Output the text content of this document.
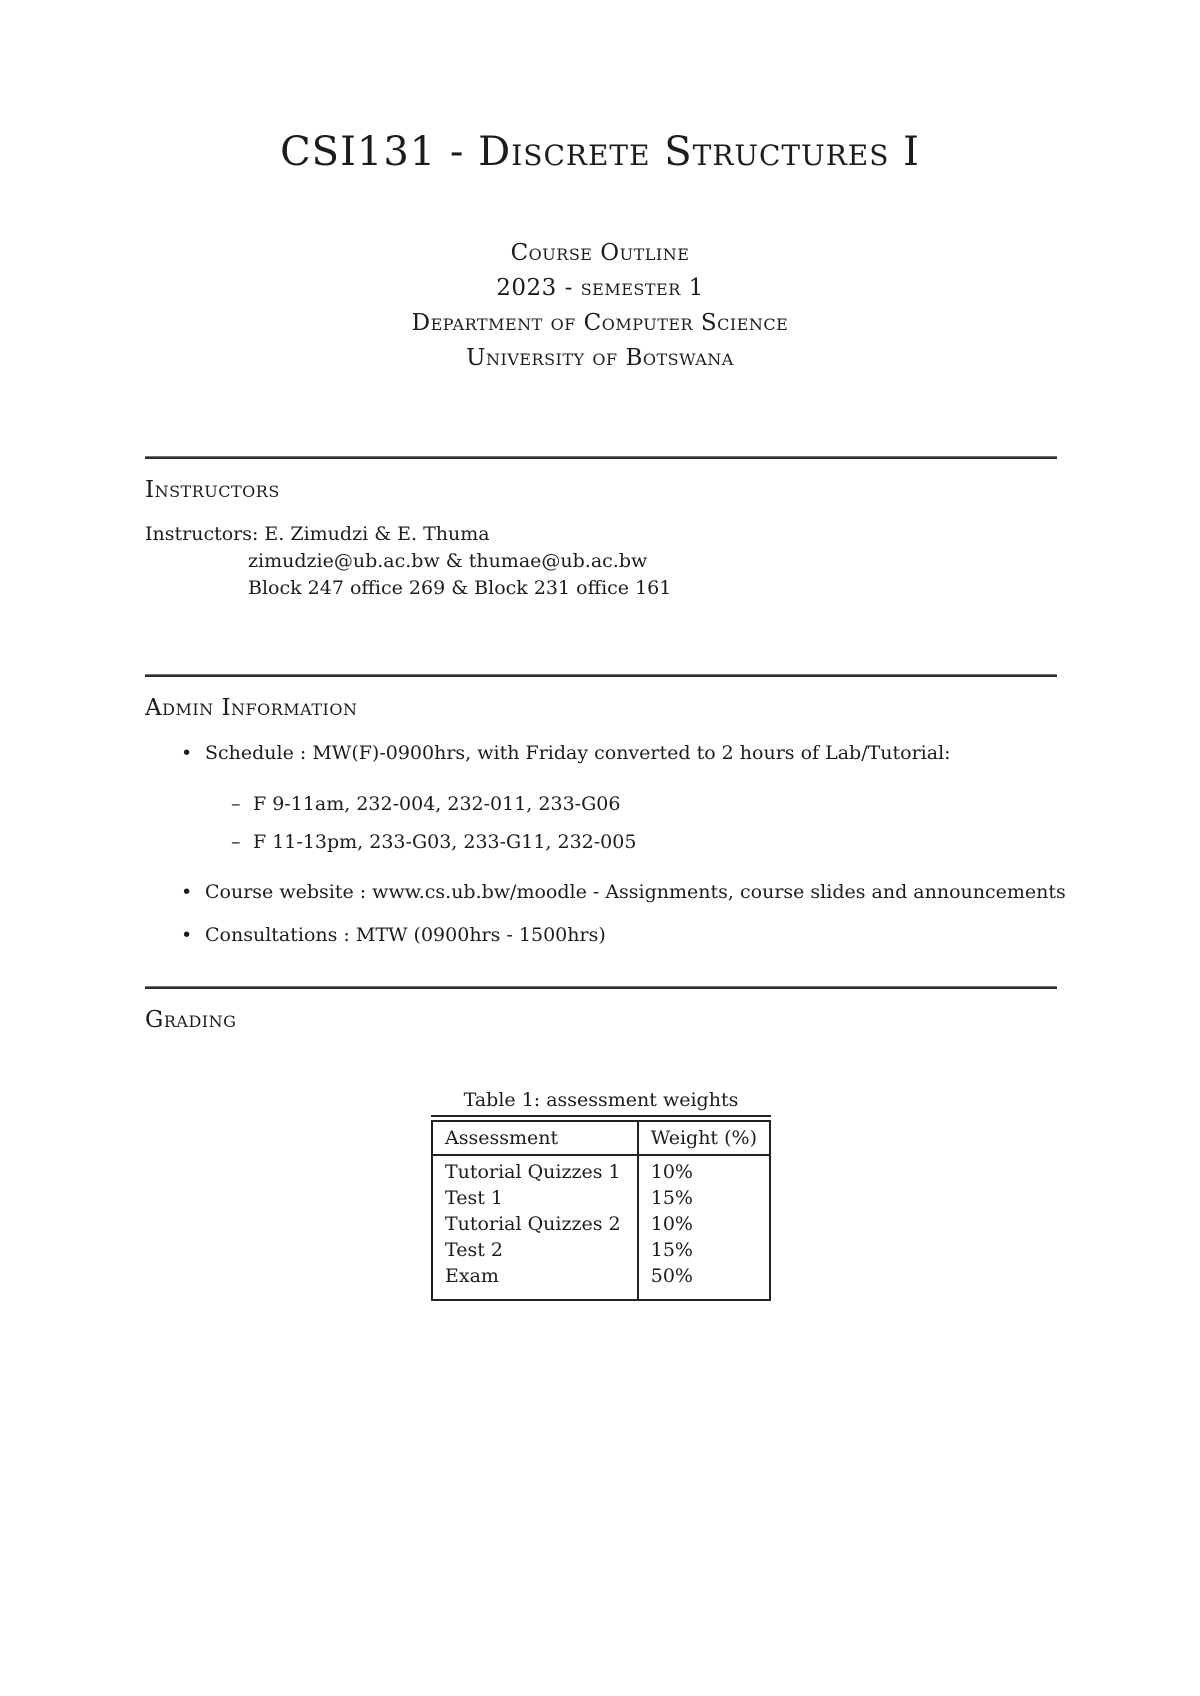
CSI131 - Discrete Structures I
Course Outline
2023 - semester 1
Department of Computer Science
University of Botswana
Instructors
Instructors: E. Zimudzi & E. Thuma
zimudzie@ub.ac.bw & thumae@ub.ac.bw
Block 247 office 269 & Block 231 office 161
Admin Information
• Schedule : MW(F)-0900hrs, with Friday converted to 2 hours of Lab/Tutorial:
– F 9-11am, 232-004, 232-011, 233-G06
– F 11-13pm, 233-G03, 233-G11, 232-005
• Course website : www.cs.ub.bw/moodle - Assignments, course slides and announcements
• Consultations : MTW (0900hrs - 1500hrs)
Grading
Table 1: assessment weights
Assessment	Weight (%)
Tutorial Quizzes 1	10%
Test 1	15%
Tutorial Quizzes 2	10%
Test 2	15%
Exam	50%
